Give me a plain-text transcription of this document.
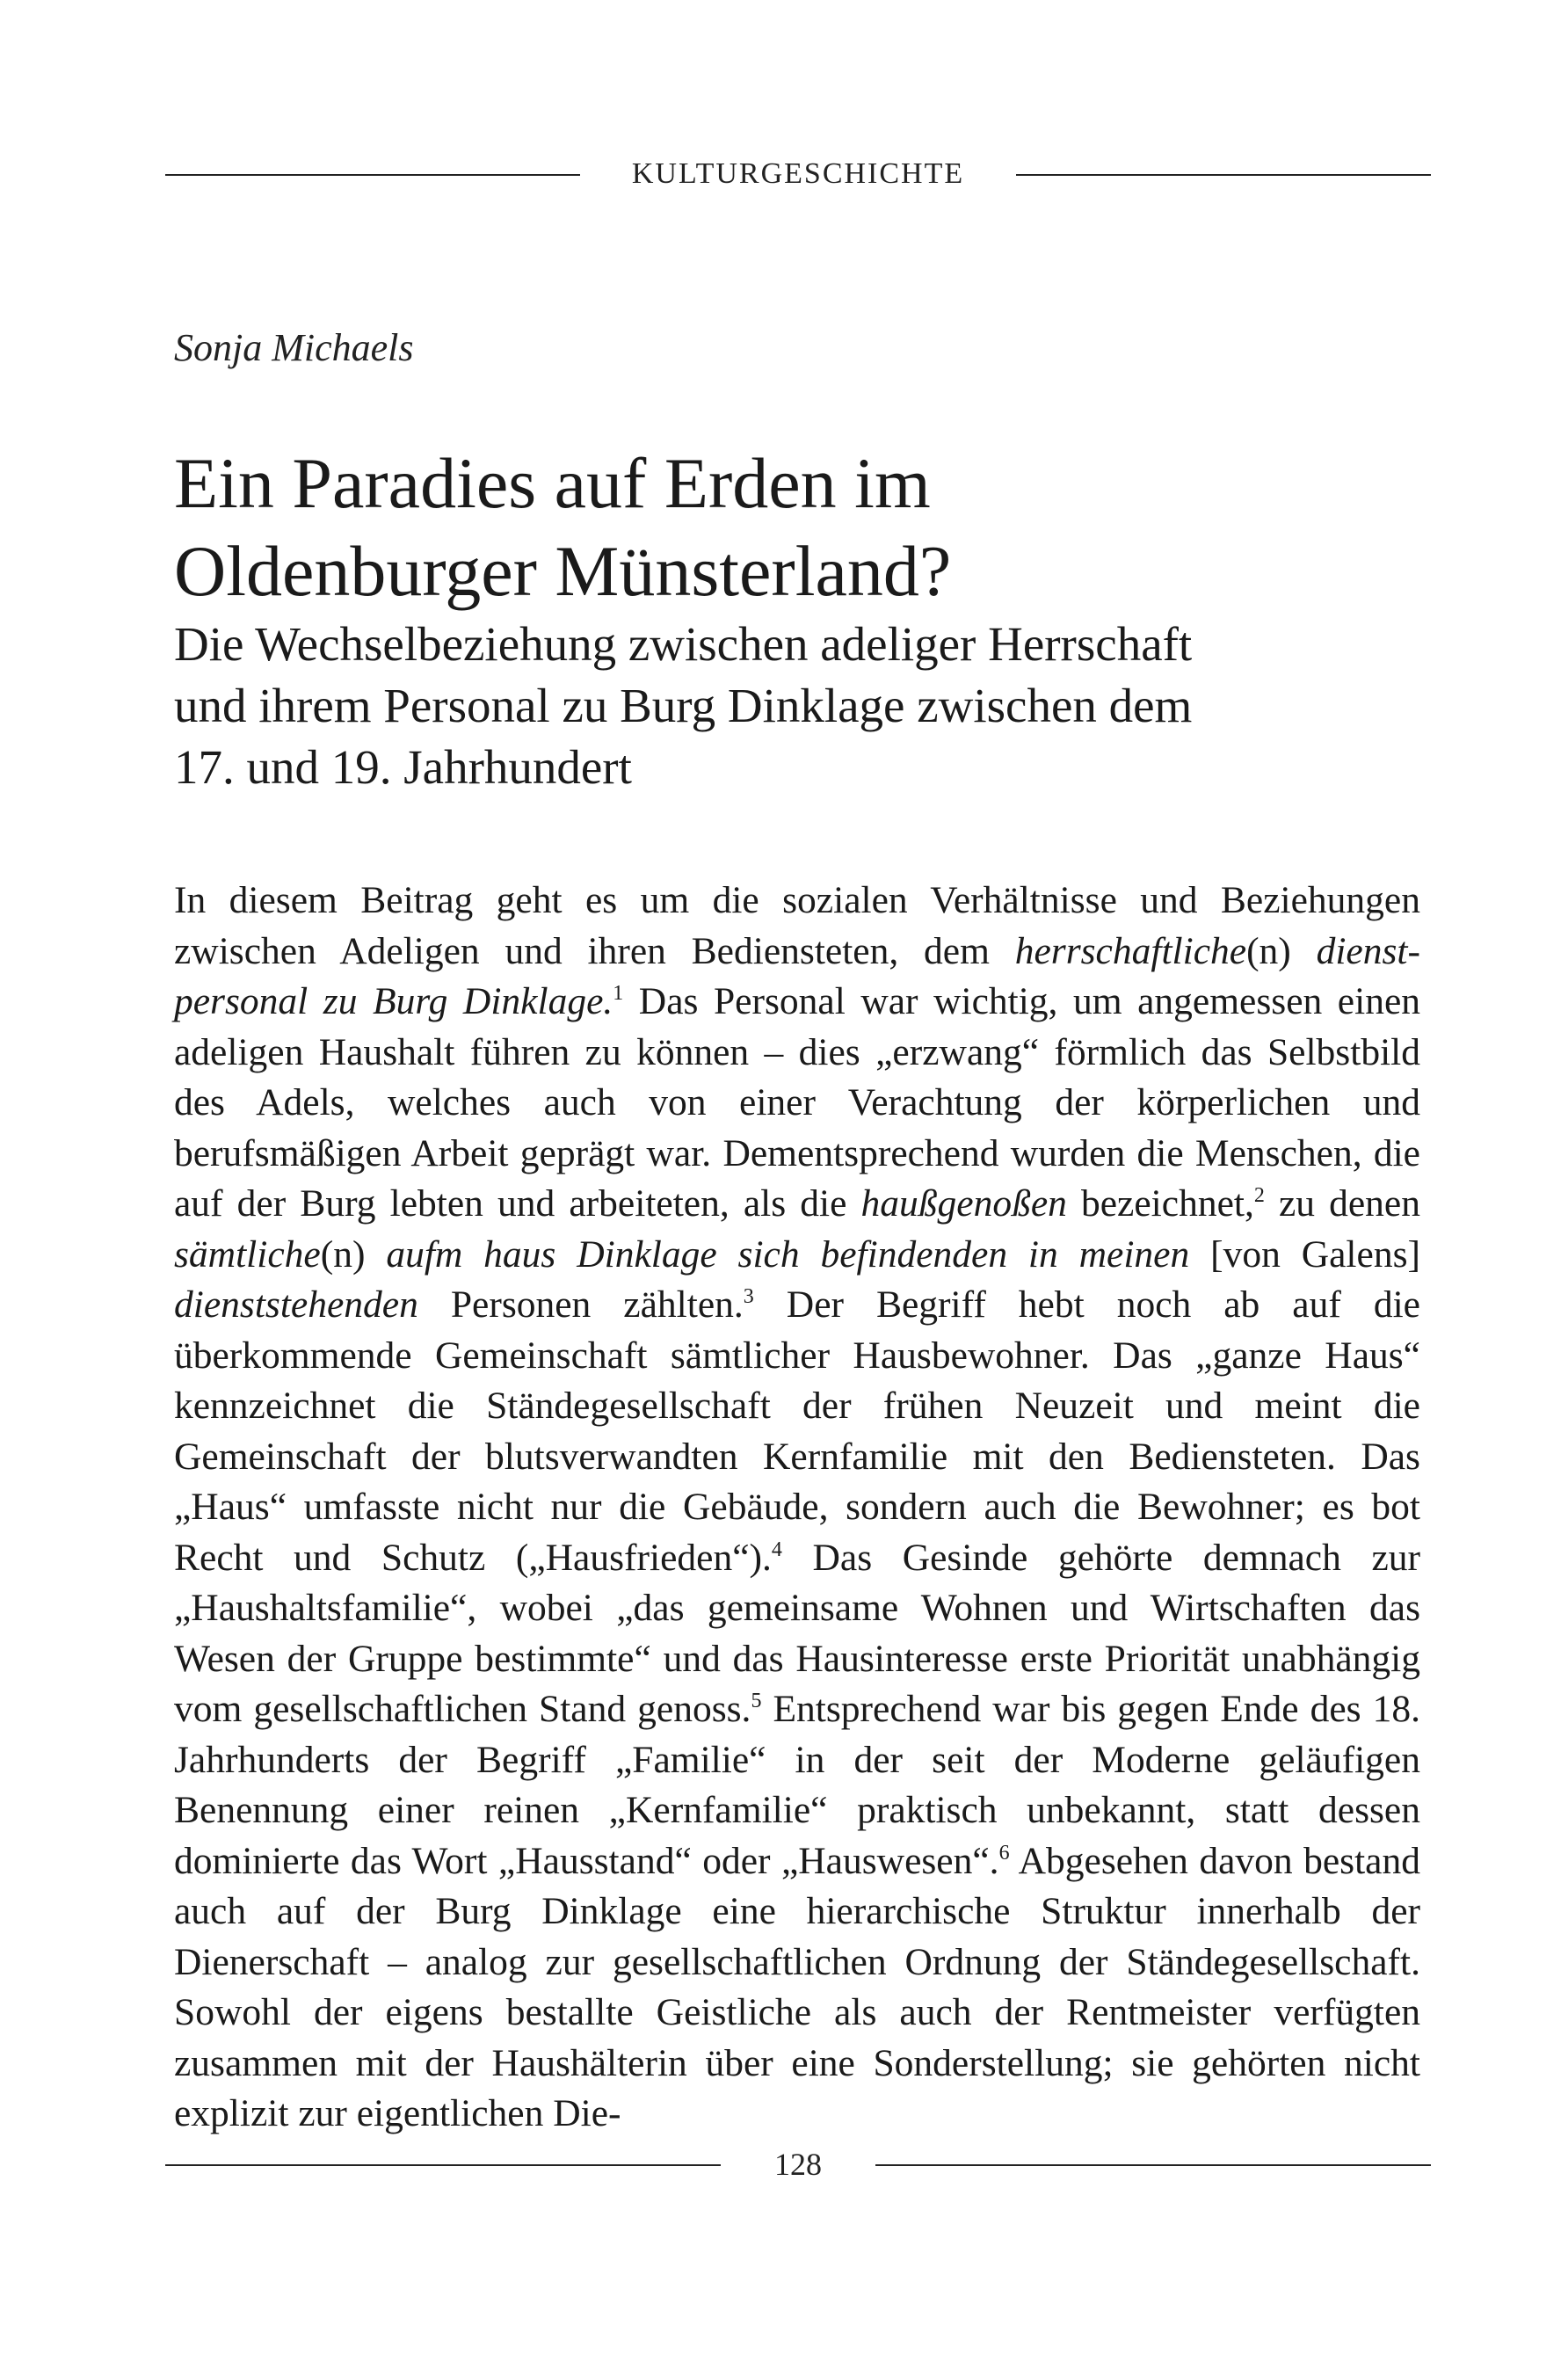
KULTURGESCHICHTE
Sonja Michaels
Ein Paradies auf Erden im
Oldenburger Münsterland?
Die Wechselbeziehung zwischen adeliger Herrschaft
und ihrem Personal zu Burg Dinklage zwischen dem
17. und 19. Jahrhundert

In diesem Beitrag geht es um die sozialen Verhältnisse und Beziehungen zwischen Adeligen und ihren Bediensteten, dem herrschaftliche(n) dienstpersonal zu Burg Dinklage.$^1$ Das Personal war wichtig, um angemessen einen adeligen Haushalt führen zu können – dies „erzwang“ förmlich das Selbstbild des Adels, welches auch von einer Verachtung der körperlichen und berufsmäßigen Arbeit geprägt war. Dementsprechend wurden die Menschen, die auf der Burg lebten und arbeiteten, als die haußgenoßen bezeichnet,$^2$ zu denen sämtliche(n) aufm haus Dinklage sich befindenden in meinen [von Galens] dienststehenden Personen zählten.$^3$ Der Begriff hebt noch ab auf die überkommende Gemeinschaft sämtlicher Hausbewohner. Das „ganze Haus“ kennzeichnet die Ständegesellschaft der frühen Neuzeit und meint die Gemeinschaft der blutsverwandten Kernfamilie mit den Bediensteten. Das „Haus“ umfasste nicht nur die Gebäude, sondern auch die Bewohner; es bot Recht und Schutz („Hausfrieden“).$^4$ Das Gesinde gehörte demnach zur „Haushaltsfamilie“, wobei „das gemeinsame Wohnen und Wirtschaften das Wesen der Gruppe bestimmte“ und das Hausinteresse erste Priorität unabhängig vom gesellschaftlichen Stand genoss.$^5$ Entsprechend war bis gegen Ende des 18. Jahrhunderts der Begriff „Familie“ in der seit der Moderne geläufigen Benennung einer reinen „Kernfamilie“ praktisch unbekannt, statt dessen dominierte das Wort „Hausstand“ oder „Hauswesen“.$^6$ Abgesehen davon bestand auch auf der Burg Dinklage eine hierarchische Struktur innerhalb der Dienerschaft – analog zur gesellschaftlichen Ordnung der Ständegesellschaft. Sowohl der eigens bestallte Geistliche als auch der Rentmeister verfügten zusammen mit der Haushälterin über eine Sonderstellung; sie gehörten nicht explizit zur eigentlichen Die-

128
